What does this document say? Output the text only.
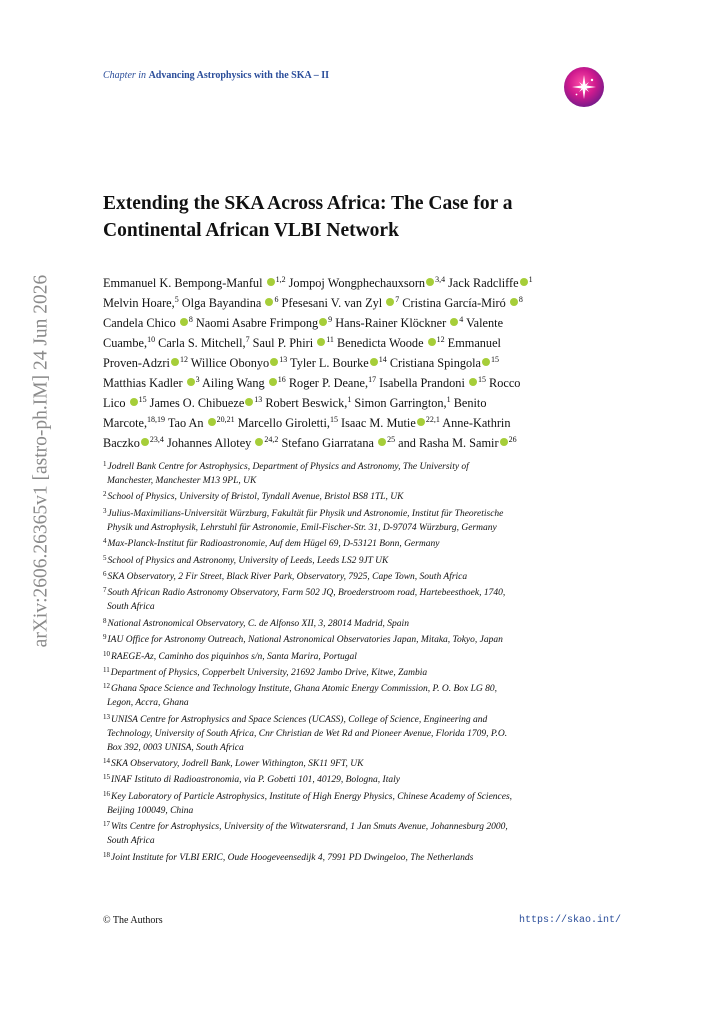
arXiv:2606.26365v1 [astro-ph.IM] 24 Jun 2026
Chapter in Advancing Astrophysics with the SKA – II
Extending the SKA Across Africa: The Case for a
Continental African VLBI Network
Emmanuel K. Bempong-Manful $^{1,2}$ Jompoj Wongphechauxsorn $^{3,4}$ Jack Radcliffe $^1$
Melvin Hoare,$^5$ Olga Bayandina $^6$ Pfesesani V. van Zyl $^7$ Cristina García-Miró $^8$
Candela Chico $^8$ Naomi Asabre Frimpong $^9$ Hans-Rainer Klöckner $^4$ Valente
Cuambe,$^{10}$ Carla S. Mitchell,$^7$ Saul P. Phiri $^{11}$ Benedicta Woode $^{12}$ Emmanuel
Proven-Adzri $^{12}$ Willice Obonyo $^{13}$ Tyler L. Bourke $^{14}$ Cristiana Spingola $^{15}$
Matthias Kadler $^3$ Ailing Wang $^{16}$ Roger P. Deane,$^{17}$ Isabella Prandoni $^{15}$ Rocco
Lico $^{15}$ James O. Chibueze $^{13}$ Robert Beswick,$^1$ Simon Garrington,$^1$ Benito
Marcote,$^{18,19}$ Tao An $^{20,21}$ Marcello Giroletti,$^{15}$ Isaac M. Mutie $^{22,1}$ Anne-Kathrin
Baczko $^{23,4}$ Johannes Allotey $^{24,2}$ Stefano Giarratana $^{25}$ and Rasha M. Samir $^{26}$
$^1$Jodrell Bank Centre for Astrophysics, Department of Physics and Astronomy, The University of
Manchester, Manchester M13 9PL, UK
$^2$School of Physics, University of Bristol, Tyndall Avenue, Bristol BS8 1TL, UK
$^3$Julius-Maximilians-Universität Würzburg, Fakultät für Physik und Astronomie, Institut für Theoretische
Physik und Astrophysik, Lehrstuhl für Astronomie, Emil-Fischer-Str. 31, D-97074 Würzburg, Germany
$^4$Max-Planck-Institut für Radioastronomie, Auf dem Hügel 69, D-53121 Bonn, Germany
$^5$School of Physics and Astronomy, University of Leeds, Leeds LS2 9JT UK
$^6$SKA Observatory, 2 Fir Street, Black River Park, Observatory, 7925, Cape Town, South Africa
$^7$South African Radio Astronomy Observatory, Farm 502 JQ, Broederstroom road, Hartebeesthoek, 1740,
South Africa
$^8$National Astronomical Observatory, C. de Alfonso XII, 3, 28014 Madrid, Spain
$^9$IAU Office for Astronomy Outreach, National Astronomical Observatories Japan, Mitaka, Tokyo, Japan
$^{10}$RAEGE-Az, Caminho dos piquinhos s/n, Santa Marira, Portugal
$^{11}$Department of Physics, Copperbelt University, 21692 Jambo Drive, Kitwe, Zambia
$^{12}$Ghana Space Science and Technology Institute, Ghana Atomic Energy Commission, P. O. Box LG 80,
Legon, Accra, Ghana
$^{13}$UNISA Centre for Astrophysics and Space Sciences (UCASS), College of Science, Engineering and
Technology, University of South Africa, Cnr Christian de Wet Rd and Pioneer Avenue, Florida 1709, P.O.
Box 392, 0003 UNISA, South Africa
$^{14}$SKA Observatory, Jodrell Bank, Lower Withington, SK11 9FT, UK
$^{15}$INAF Istituto di Radioastronomia, via P. Gobetti 101, 40129, Bologna, Italy
$^{16}$Key Laboratory of Particle Astrophysics, Institute of High Energy Physics, Chinese Academy of Sciences,
Beijing 100049, China
$^{17}$Wits Centre for Astrophysics, University of the Witwatersrand, 1 Jan Smuts Avenue, Johannesburg 2000,
South Africa
$^{18}$Joint Institute for VLBI ERIC, Oude Hoogeveensedijk 4, 7991 PD Dwingeloo, The Netherlands
© The Authors	https://skao.int/
